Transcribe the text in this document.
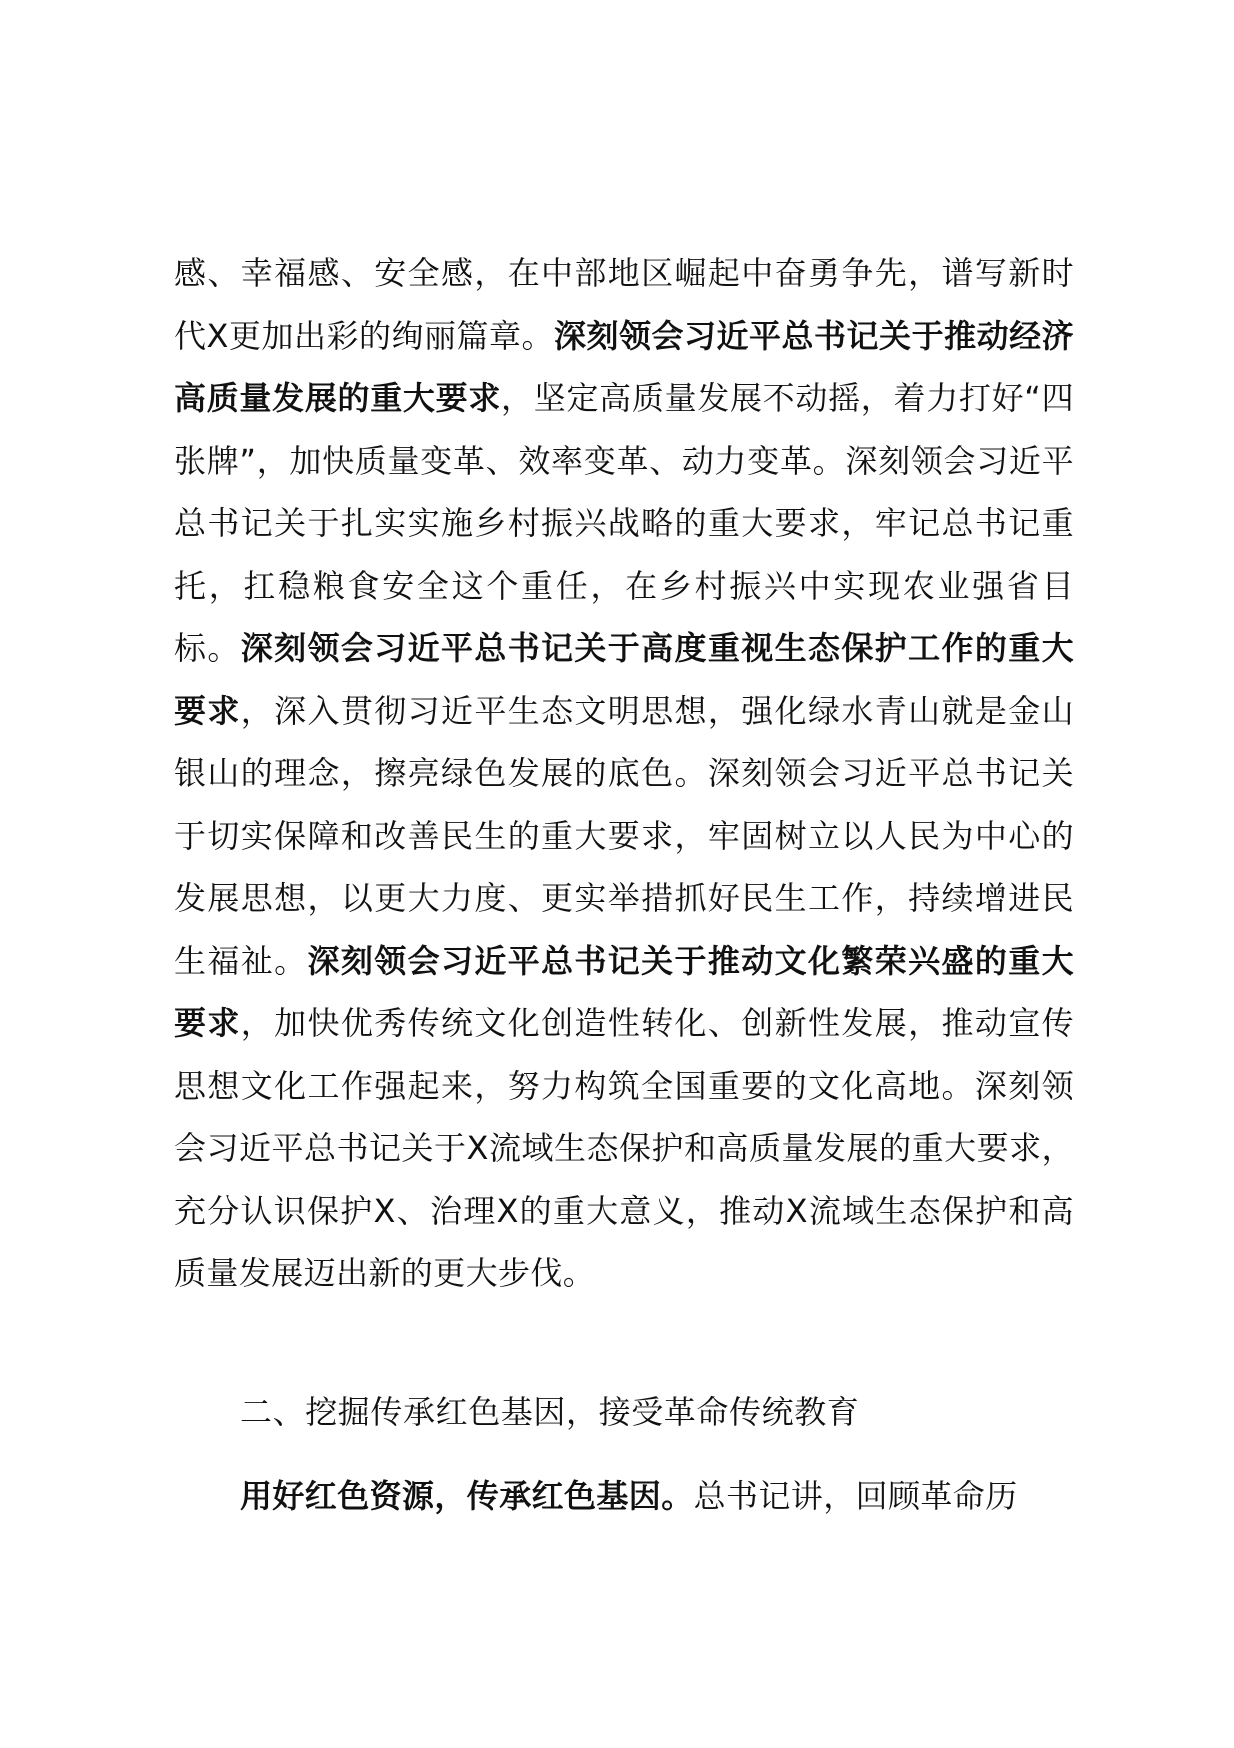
感、幸福感、安全感，在中部地区崛起中奋勇争先，谱写新时代X更加出彩的绚丽篇章。深刻领会习近平总书记关于推动经济高质量发展的重大要求，坚定高质量发展不动摇，着力打好“四张牌”，加快质量变革、效率变革、动力变革。深刻领会习近平总书记关于扎实实施乡村振兴战略的重大要求，牢记总书记重托，扛稳粮食安全这个重任，在乡村振兴中实现农业强省目标。深刻领会习近平总书记关于高度重视生态保护工作的重大要求，深入贯彻习近平生态文明思想，强化绿水青山就是金山银山的理念，擦亮绿色发展的底色。深刻领会习近平总书记关于切实保障和改善民生的重大要求，牢固树立以人民为中心的发展思想，以更大力度、更实举措抓好民生工作，持续增进民生福祉。深刻领会习近平总书记关于推动文化繁荣兴盛的重大要求，加快优秀传统文化创造性转化、创新性发展，推动宣传思想文化工作强起来，努力构筑全国重要的文化高地。深刻领会习近平总书记关于X流域生态保护和高质量发展的重大要求，充分认识保护X、治理X的重大意义，推动X流域生态保护和高质量发展迈出新的更大步伐。

二、挖掘传承红色基因，接受革命传统教育

用好红色资源，传承红色基因。总书记讲，回顾革命历
